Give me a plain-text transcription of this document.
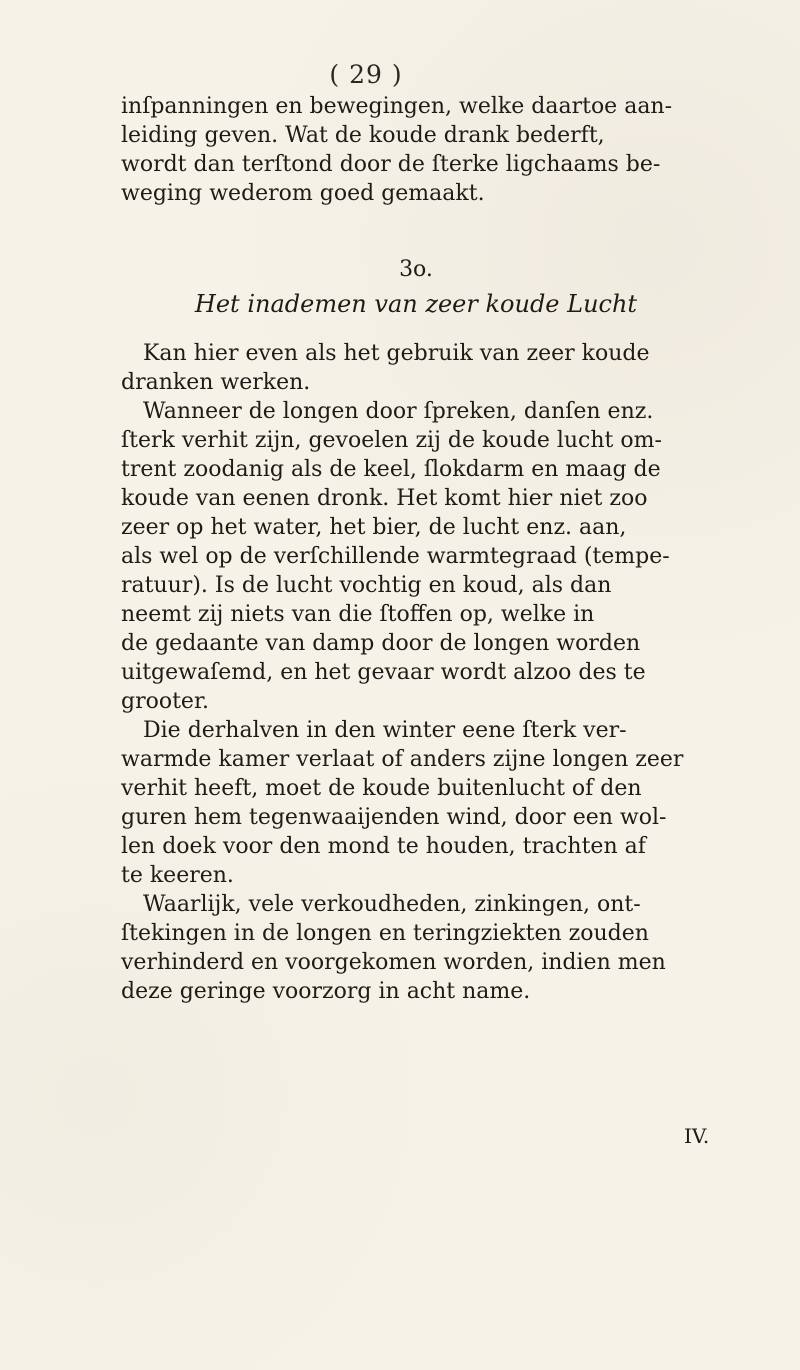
( 29 )
inſpanningen en bewegingen, welke daartoe aan-
leiding geven. Wat de koude drank bederft,
wordt dan terſtond door de ſterke ligchaams be-
weging wederom goed gemaakt.
3o.
Het inademen van zeer koude Lucht
Kan hier even als het gebruik van zeer koude
dranken werken.
Wanneer de longen door ſpreken, danſen enz.
ſterk verhit zijn, gevoelen zij de koude lucht om-
trent zoodanig als de keel, ſlokdarm en maag de
koude van eenen dronk. Het komt hier niet zoo
zeer op het water, het bier, de lucht enz. aan,
als wel op de verſchillende warmtegraad (tempe-
ratuur). Is de lucht vochtig en koud, als dan
neemt zij niets van die ſtoffen op, welke in
de gedaante van damp door de longen worden
uitgewaſemd, en het gevaar wordt alzoo des te
grooter.
Die derhalven in den winter eene ſterk ver-
warmde kamer verlaat of anders zijne longen zeer
verhit heeft, moet de koude buitenlucht of den
guren hem tegenwaaijenden wind, door een wol-
len doek voor den mond te houden, trachten af
te keeren.
Waarlijk, vele verkoudheden, zinkingen, ont-
ſtekingen in de longen en teringziekten zouden
verhinderd en voorgekomen worden, indien men
deze geringe voorzorg in acht name.
IV.
